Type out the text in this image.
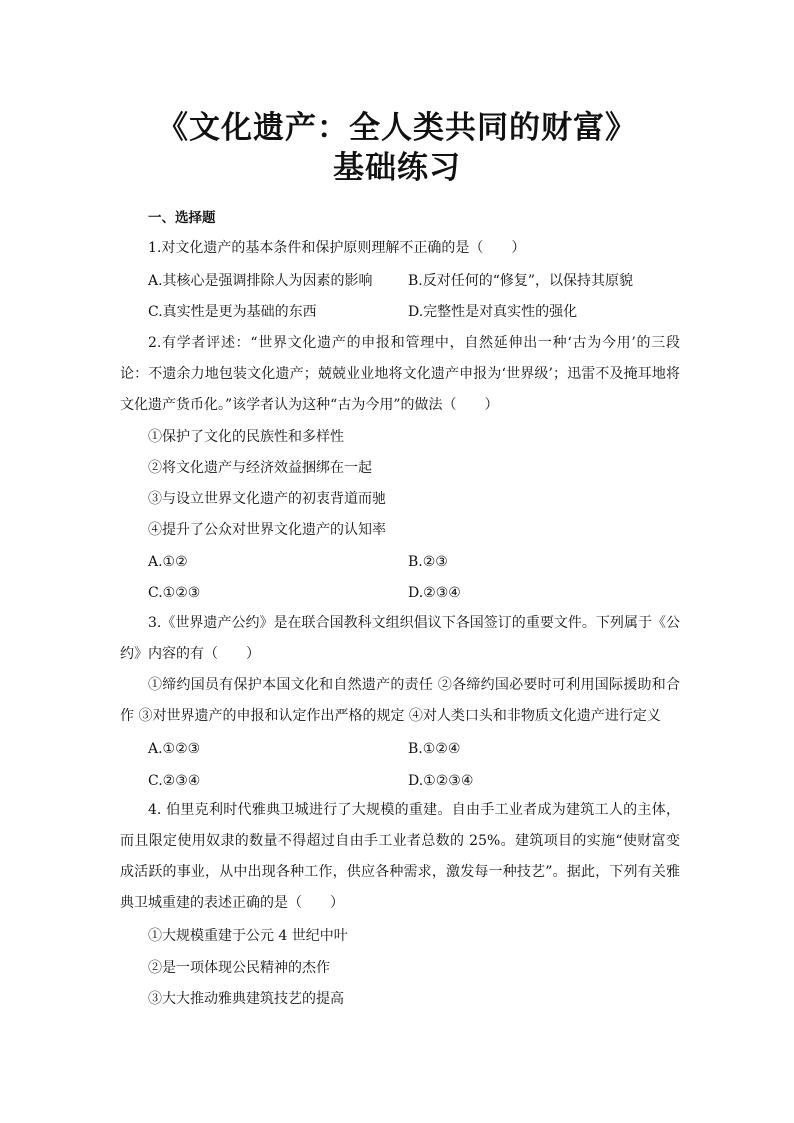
《文化遗产：全人类共同的财富》
基础练习
一、选择题
1.对文化遗产的基本条件和保护原则理解不正确的是（　　）
A.其核心是强调排除人为因素的影响	B.反对任何的“修复”，以保持其原貌
C.真实性是更为基础的东西	D.完整性是对真实性的强化
2.有学者评述：“世界文化遗产的申报和管理中，自然延伸出一种‘古为今用’的三段论：不遗余力地包装文化遗产；兢兢业业地将文化遗产申报为‘世界级’；迅雷不及掩耳地将文化遗产货币化。”该学者认为这种“古为今用”的做法（　　）
①保护了文化的民族性和多样性
②将文化遗产与经济效益捆绑在一起
③与设立世界文化遗产的初衷背道而驰
④提升了公众对世界文化遗产的认知率
A.①②	B.②③
C.①②③	D.②③④
3.《世界遗产公约》是在联合国教科文组织倡议下各国签订的重要文件。下列属于《公约》内容的有（　　）
①缔约国员有保护本国文化和自然遗产的责任 ②各缔约国必要时可利用国际援助和合作 ③对世界遗产的申报和认定作出严格的规定 ④对人类口头和非物质文化遗产进行定义
A.①②③	B.①②④
C.②③④	D.①②③④
4. 伯里克利时代雅典卫城进行了大规模的重建。自由手工业者成为建筑工人的主体，而且限定使用奴隶的数量不得超过自由手工业者总数的 25%。建筑项目的实施“使财富变成活跃的事业，从中出现各种工作，供应各种需求，激发每一种技艺”。据此，下列有关雅典卫城重建的表述正确的是（　　）
①大规模重建于公元 4 世纪中叶
②是一项体现公民精神的杰作
③大大推动雅典建筑技艺的提高
